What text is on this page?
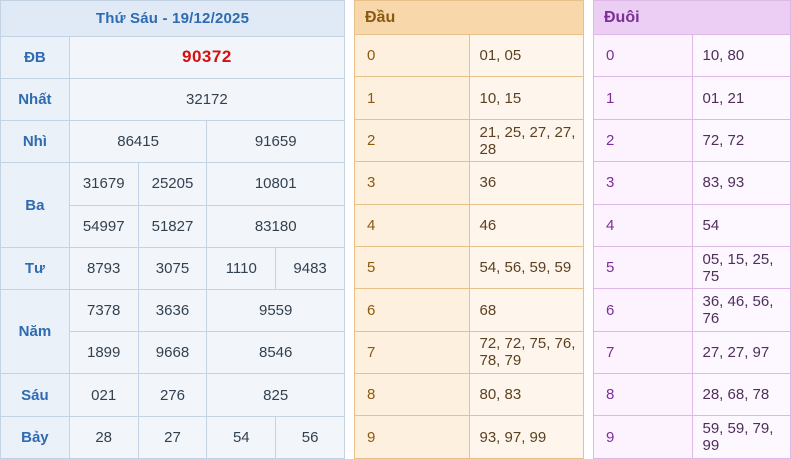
Thứ Sáu - 19/12/2025				
ĐB	90372			
Nhất	32172			
Nhì	86415		91659	
Ba	31679	25205	10801	
	54997	51827	83180	
Tư	8793	3075	1110	9483
Năm	7378	3636	9559	
	1899	9668	8546	
Sáu	021	276	825	
Bảy	28	27	54	56
Đầu	
0	01, 05
1	10, 15
2	21, 25, 27, 27, 28
3	36
4	46
5	54, 56, 59, 59
6	68
7	72, 72, 75, 76, 78, 79
8	80, 83
9	93, 97, 99
Đuôi	
0	10, 80
1	01, 21
2	72, 72
3	83, 93
4	54
5	05, 15, 25, 75
6	36, 46, 56, 76
7	27, 27, 97
8	28, 68, 78
9	59, 59, 79, 99
